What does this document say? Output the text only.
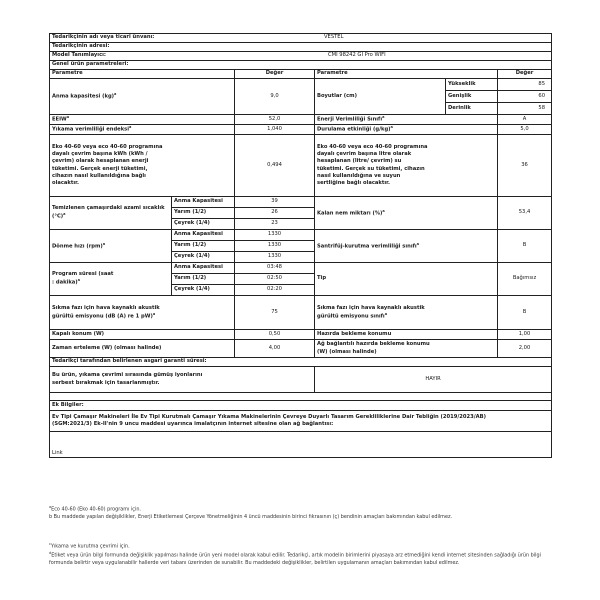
Tedarikçinin adı veya ticari ünvanı: VESTEL					

Tedarikçinin adresi:					
Model Tanımlayıcı: CMI 98242 GI Pro WIFI					

Genel ürün parametreleri:					
Parametre		Değer	Parametre		Değer
Anma kapasitesi (kg)$^a$		9,0	Boyutlar (cm)	Yükseklik	85
				Genişlik	60
				Derinlik	58
EEIW$^a$		52,0	Enerji Verimliliği Sınıfı$^a$		A
Yıkama verimliliği endeksi$^a$		1,040	Durulama etkinliği $(g/kg)^a$		5,0

Eko 40-60 veya eco 40-60 programına dayalı çevrim başına kWh (kWh / çevrim) olarak hesaplanan enerji tüketimi. Gerçek enerji tüketimi, cihazın nasıl kullanıldığına bağlı olacaktır.		0,494	Eko 40-60 veya eco 40-60 programına dayalı çevrim başına litre olarak hesaplanan (litre/ çevrim) su tüketimi. Gerçek su tüketimi, cihazın nasıl kullanıldığına ve suyun sertliğine bağlı olacaktır.		36
Temizlenen çamaşırdaki azami sıcaklık $(^\circ C)^a$	Anma Kapasitesi	39	Kalan nem miktarı (%)$^a$		53,4
	Yarım (1/2)	26			
	Çeyrek (1/4)	23			
Dönme hızı (rpm)$^a$	Anma Kapasitesi	1330	Santrifüj-kurutma verimliliği sınıfı$^a$		B
	Yarım (1/2)	1330			
	Çeyrek (1/4)	1330			

Program süresi (saat : dakika)$^a$	Anma Kapasitesi	03:48	Tip		Bağımsız
	Yarım (1/2)	02:50			
	Çeyrek (1/4)	02:20			

Sıkma fazı için hava kaynaklı akustik gürültü emisyonu (dB (A) re 1 pW)$^a$		75	Sıkma fazı için hava kaynaklı akustik gürültü emisyonu sınıfı$^a$		B
Kapalı konum (W)		0,50	Hazırda bekleme konumu		1,00
Zaman erteleme (W) (olması halinde)		4,00	Ağ bağlantılı hazırda bekleme konumu (W) (olması halinde)		2,00
Tedarikçi tarafından belirlenen asgari garanti süresi:					

Bu ürün, yıkama çevrimi sırasında gümüş iyonlarını serbest bırakmak için tasarlanmıştır.			HAYIR		

Ek Bilgiler:					

Ev Tipi Çamaşır Makineleri İle Ev Tipi Kurutmalı Çamaşır Yıkama Makinelerinin Çevreye Duyarlı Tasarım Gerekliliklerine Dair Tebliğin (2019/2023/AB) (SGM:2021/3) Ek-II'nin 9 uncu maddesi uyarınca imalatçının internet sitesine olan ağ bağlantısı:					

Link					

$^a$Eco 40-60 (Eko 40-60) programı için.

b Bu maddede yapılan değişiklikler, Enerji Etiketlemesi Çerçeve Yönetmeliğinin 4 üncü maddesinin birinci fıkrasının (ç) bendinin amaçları bakımından kabul edilmez.

$^c$Yıkama ve kurutma çevrimi için.

$^d$Etiket veya ürün bilgi formunda değişiklik yapılması halinde ürün yeni model olarak kabul edilir. Tedarikçi, artık modelin birimlerini piyasaya arz etmediğini kendi internet sitesinden sağladığı ürün bilgi formunda belirtir veya uygulanabilir hallerde veri tabanı üzerinden de sunabilir. Bu maddedeki değişiklikler, belirtilen uygulamanın amaçları bakımından kabul edilmez.
